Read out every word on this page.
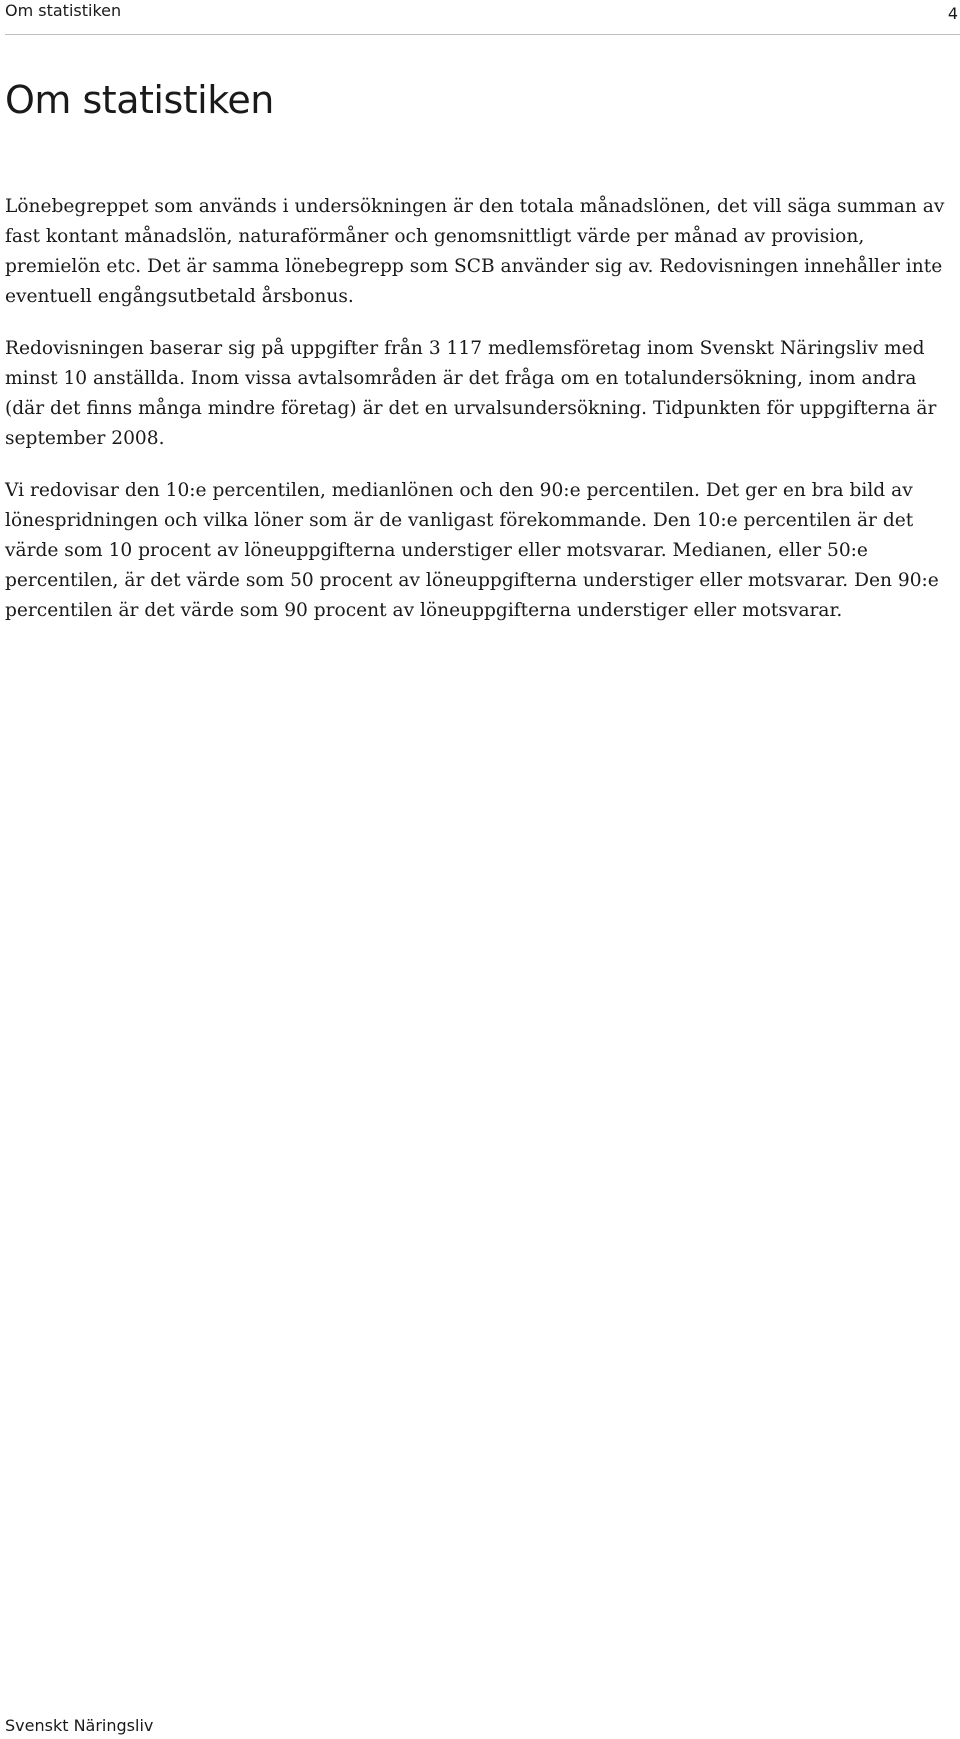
Om statistiken	4
Om statistiken

Lönebegreppet som används i undersökningen är den totala månadslönen, det vill säga summan av fast kontant månadslön, naturaförmåner och genomsnittligt värde per månad av provision, premielön etc. Det är samma lönebegrepp som SCB använder sig av. Redovisningen innehåller inte eventuell engångsutbetald årsbonus.

Redovisningen baserar sig på uppgifter från 3 117 medlemsföretag inom Svenskt Näringsliv med minst 10 anställda. Inom vissa avtalsområden är det fråga om en totalundersökning, inom andra (där det finns många mindre företag) är det en urvalsundersökning. Tidpunkten för uppgifterna är september 2008.

Vi redovisar den 10:e percentilen, medianlönen och den 90:e percentilen. Det ger en bra bild av lönespridningen och vilka löner som är de vanligast förekommande. Den 10:e percentilen är det värde som 10 procent av löneuppgifterna understiger eller motsvarar. Medianen, eller 50:e percentilen, är det värde som 50 procent av löneuppgifterna understiger eller motsvarar. Den 90:e percentilen är det värde som 90 procent av löneuppgifterna understiger eller motsvarar.

Svenskt Näringsliv
